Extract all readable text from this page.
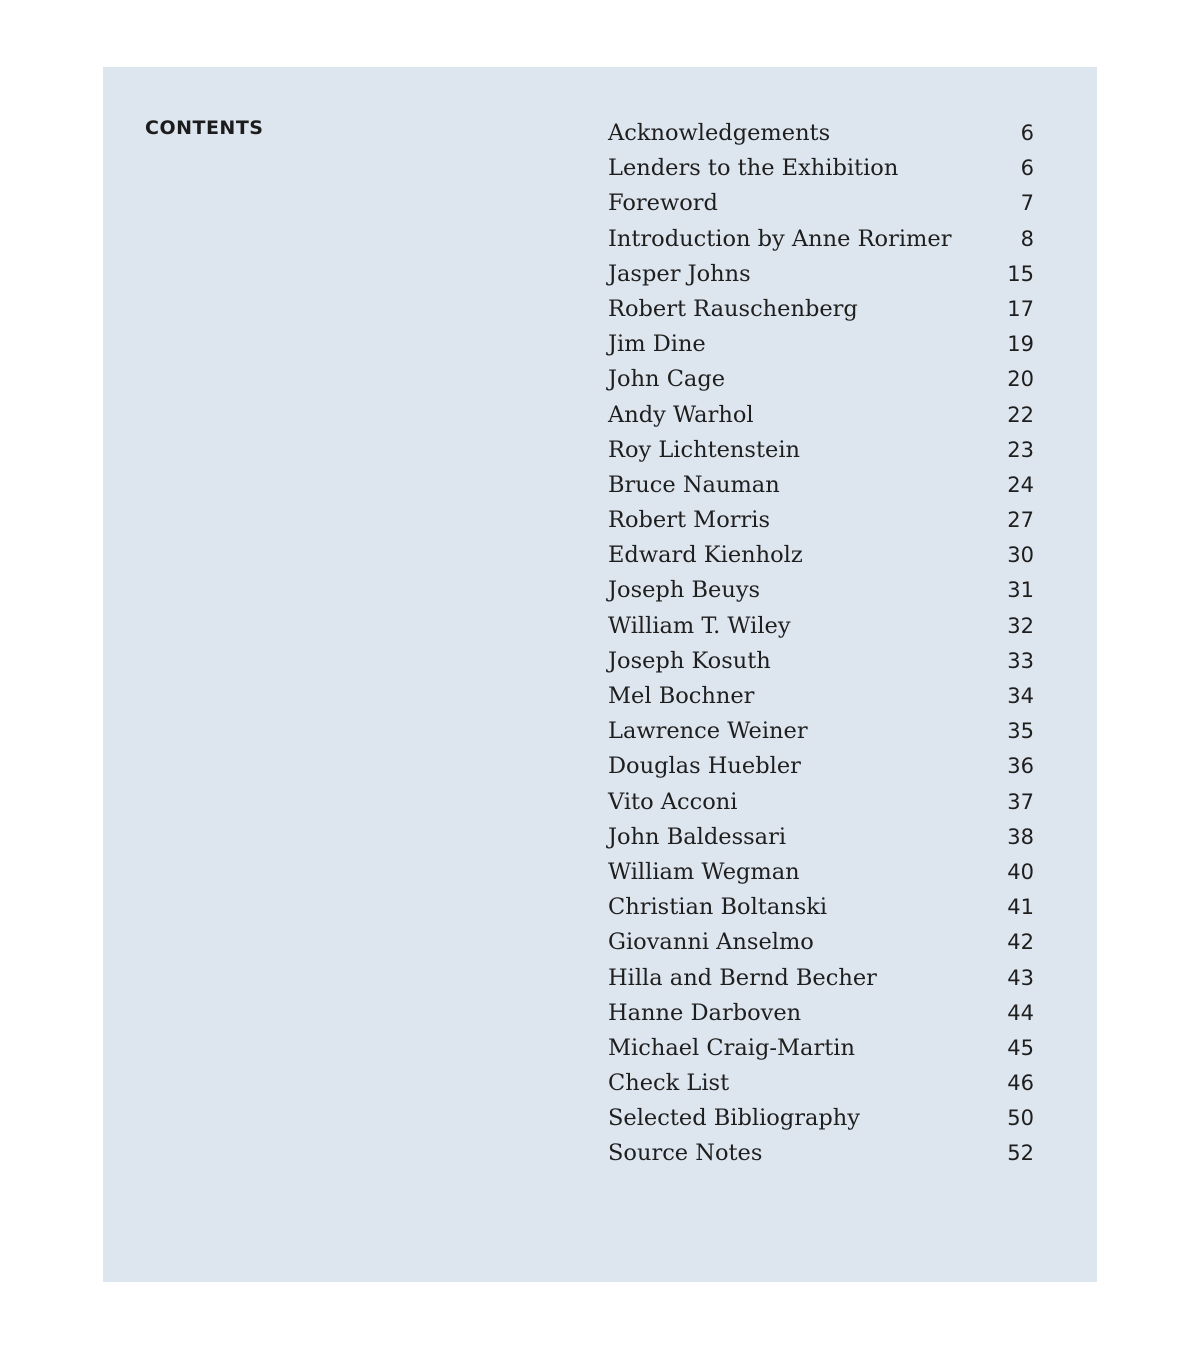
CONTENTS	Acknowledgements	6
Lenders to the Exhibition	6
Foreword	7
Introduction by Anne Rorimer	8
Jasper Johns	15
Robert Rauschenberg	17
Jim Dine	19
John Cage	20
Andy Warhol	22
Roy Lichtenstein	23
Bruce Nauman	24
Robert Morris	27
Edward Kienholz	30
Joseph Beuys	31
William T. Wiley	32
Joseph Kosuth	33
Mel Bochner	34
Lawrence Weiner	35
Douglas Huebler	36
Vito Acconi	37
John Baldessari	38
William Wegman	40
Christian Boltanski	41
Giovanni Anselmo	42
Hilla and Bernd Becher	43
Hanne Darboven	44
Michael Craig-Martin	45
Check List	46
Selected Bibliography	50
Source Notes	52
